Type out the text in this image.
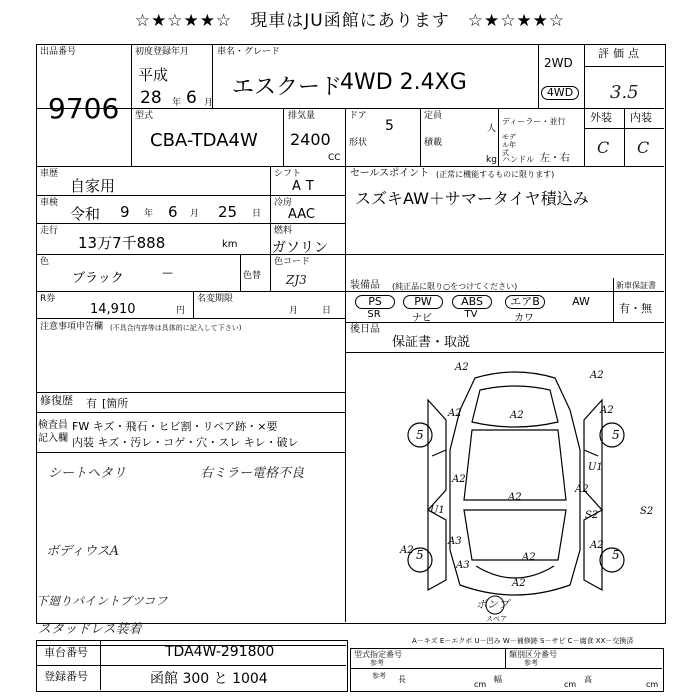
☆★☆★★☆　現車はJU函館にあります　☆★☆★★☆
出品番号
9706
初度登録年月
平成
28 年 6 月
車名・グレード
エスクード
4WD 2.4XG
2WD
4WD
評価点
3.5
型式
CBA-TDA4W
排気量
2400
CC
ドア
5
形状
定員
人
積載
kg
ディーラー・並行
モデル年式
ハンドル 左・右
外装 内装
C C
車歴
自家用
車検
令和 9 年 6 月 25 日
走行
13万7千888	km
シフト
AT
冷房
AAC
燃料
ガソリン
セールスポイント (正常に機能するものに限ります)
スズキAW＋サマータイヤ積込み
色
ブラック	—	色替
色コード
ZJ3
R券
14,910	円
名変期限
月	日
装備品 (純正品に限り○をつけてください)	新車保証書
有・無
PS
SR
PW
ナビ
ABS
TV
エアB
カワ
AW
後日品
保証書・取説
注意事項申告欄 (不具合内容等は具体的に記入して下さい)
修復歴 有 [箇所
検査員
記入欄
FW キズ・飛石・ヒビ割・リペア跡・×要
内装 キズ・汚レ・コゲ・穴・スレ キレ・破レ
シートヘタリ	右ミラー電格不良
ボディウスA
下廻りパイントブツコフ
スタッドレス装着
A2
A2
A2	A2	A2
A2
A2
A2
A3
A3
A2
A2
U1
A2
S2
A2
S2
U1
5
5
5
5
ポンプ
スペア
A－キズ E－エクボ U－凹み W－補修跡 S－サビ C－腐食 XX－交換済
車台番号	TDA4W-291800
登録番号	函館 300 と 1004
型式指定番号
参考
類別区分番号
参考
参考 長
cm
幅
cm
高
cm
